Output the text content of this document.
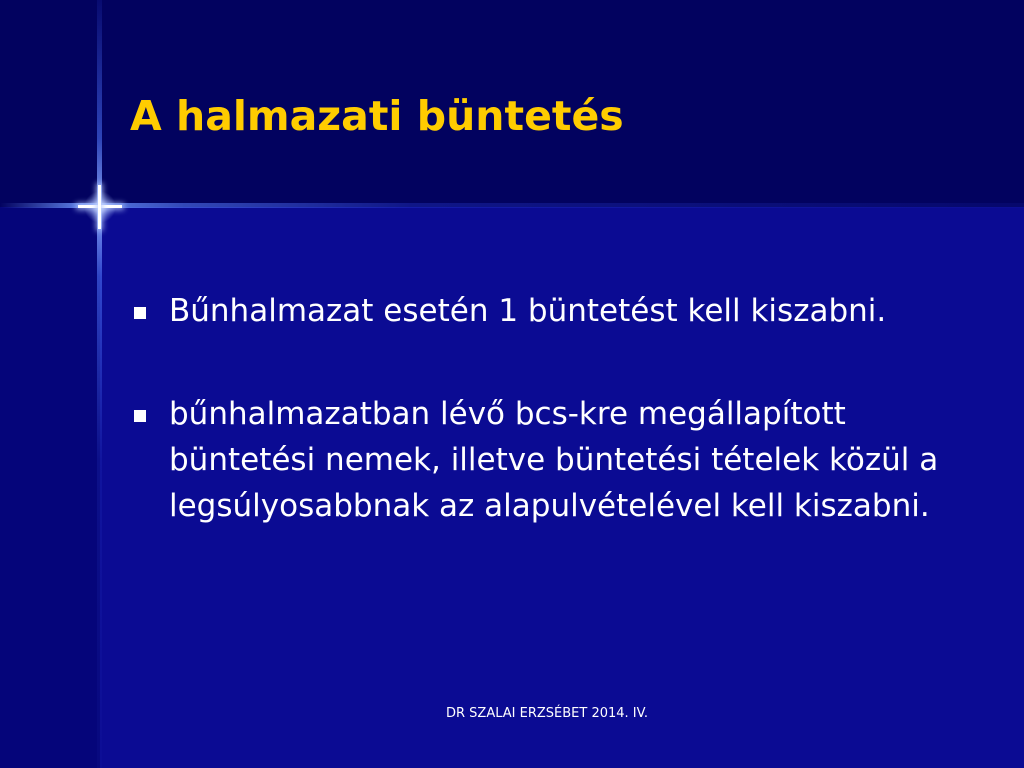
A halmazati büntetés
Bűnhalmazat esetén 1 büntetést kell kiszabni.
bűnhalmazatban lévő bcs-kre megállapított büntetési nemek, illetve büntetési tételek közül a legsúlyosabbnak az alapulvételével kell kiszabni.
DR SZALAI ERZSÉBET 2014. IV.
